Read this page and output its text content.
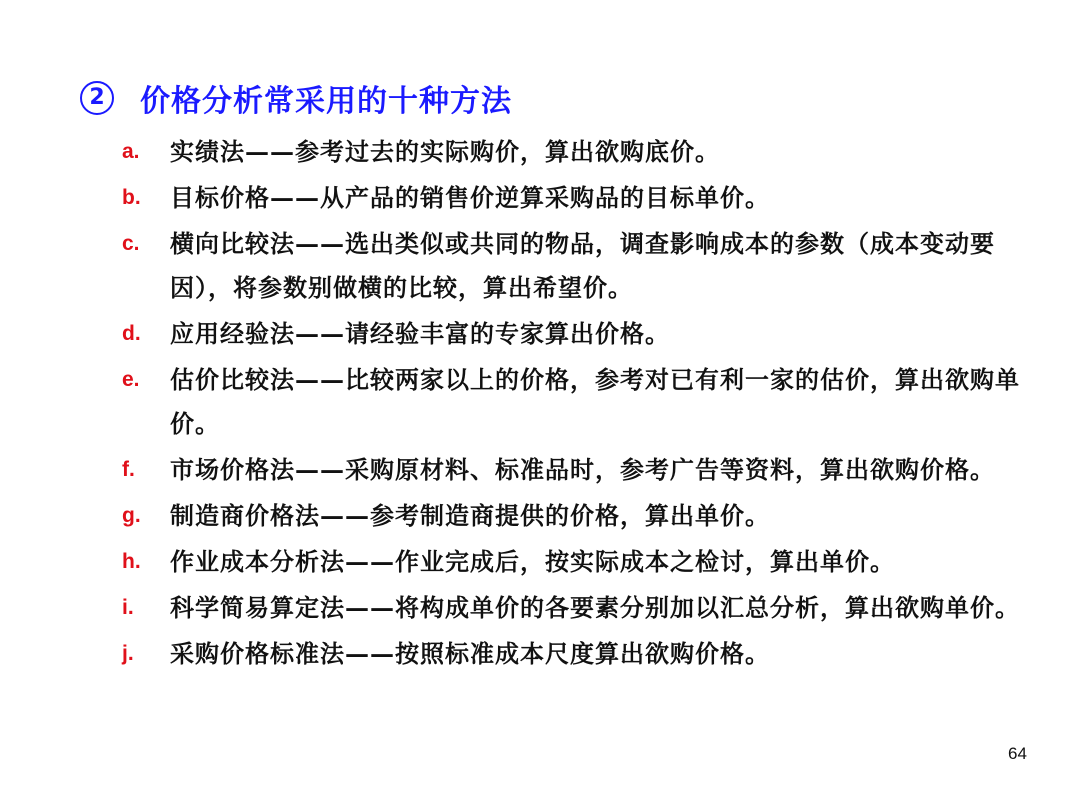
2	价格分析常采用的十种方法
a.	实绩法——参考过去的实际购价，算出欲购底价。
b.	目标价格——从产品的销售价逆算采购品的目标单价。
c.	横向比较法——选出类似或共同的物品，调查影响成本的参数（成本变动要因），将参数别做横的比较，算出希望价。
d.	应用经验法——请经验丰富的专家算出价格。
e.	估价比较法——比较两家以上的价格，参考对已有利一家的估价，算出欲购单价。
f.	市场价格法——采购原材料、标准品时，参考广告等资料，算出欲购价格。
g.	制造商价格法——参考制造商提供的价格，算出单价。
h.	作业成本分析法——作业完成后，按实际成本之检讨，算出单价。
i.	科学简易算定法——将构成单价的各要素分别加以汇总分析，算出欲购单价。
j.	采购价格标准法——按照标准成本尺度算出欲购价格。
64
